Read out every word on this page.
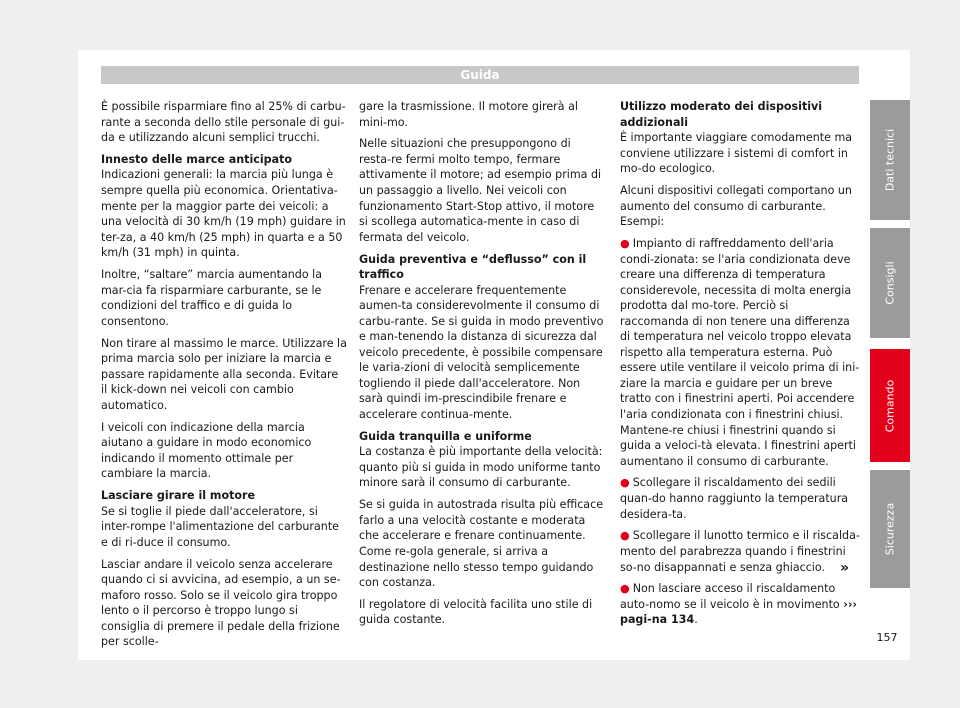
Guida

È possibile risparmiare fino al 25% di carbu-rante a seconda dello stile personale di gui-da e utilizzando alcuni semplici trucchi.

Innesto delle marce anticipato

Indicazioni generali: la marcia più lunga è sempre quella più economica. Orientativa-mente per la maggior parte dei veicoli: a una velocità di 30 km/h (19 mph) guidare in ter-za, a 40 km/h (25 mph) in quarta e a 50 km/h (31 mph) in quinta.

Inoltre, “saltare” marcia aumentando la mar-cia fa risparmiare carburante, se le condizioni del traffico e di guida lo consentono.

Non tirare al massimo le marce. Utilizzare la prima marcia solo per iniziare la marcia e passare rapidamente alla seconda. Evitare il kick-down nei veicoli con cambio automatico.

I veicoli con indicazione della marcia aiutano a guidare in modo economico indicando il momento ottimale per cambiare la marcia.

Lasciare girare il motore

Se si toglie il piede dall'acceleratore, si inter-rompe l'alimentazione del carburante e di ri-duce il consumo.

Lasciar andare il veicolo senza accelerare quando ci si avvicina, ad esempio, a un se-maforo rosso. Solo se il veicolo gira troppo lento o il percorso è troppo lungo si consiglia di premere il pedale della frizione per scolle-

gare la trasmissione. Il motore girerà al mini-mo.

Nelle situazioni che presuppongono di resta-re fermi molto tempo, fermare attivamente il motore; ad esempio prima di un passaggio a livello. Nei veicoli con funzionamento Start-Stop attivo, il motore si scollega automatica-mente in caso di fermata del veicolo.

Guida preventiva e “deflusso” con il traffico

Frenare e accelerare frequentemente aumen-ta considerevolmente il consumo di carbu-rante. Se si guida in modo preventivo e man-tenendo la distanza di sicurezza dal veicolo precedente, è possibile compensare le varia-zioni di velocità semplicemente togliendo il piede dall'acceleratore. Non sarà quindi im-prescindibile frenare e accelerare continua-mente.

Guida tranquilla e uniforme

La costanza è più importante della velocità: quanto più si guida in modo uniforme tanto minore sarà il consumo di carburante.

Se si guida in autostrada risulta più efficace farlo a una velocità costante e moderata che accelerare e frenare continuamente. Come re-gola generale, si arriva a destinazione nello stesso tempo guidando con costanza.

Il regolatore di velocità facilita uno stile di guida costante.

Utilizzo moderato dei dispositivi addizionali

È importante viaggiare comodamente ma conviene utilizzare i sistemi di comfort in mo-do ecologico.

Alcuni dispositivi collegati comportano un aumento del consumo di carburante. Esempi:

● Impianto di raffreddamento dell'aria condi-zionata: se l'aria condizionata deve creare una differenza di temperatura considerevole, necessita di molta energia prodotta dal mo-tore. Perciò si raccomanda di non tenere una differenza di temperatura nel veicolo troppo elevata rispetto alla temperatura esterna. Può essere utile ventilare il veicolo prima di ini-ziare la marcia e guidare per un breve tratto con i finestrini aperti. Poi accendere l'aria condizionata con i finestrini chiusi. Mantene-re chiusi i finestrini quando si guida a veloci-tà elevata. I finestrini aperti aumentano il consumo di carburante.

● Scollegare il riscaldamento dei sedili quan-do hanno raggiunto la temperatura desidera-ta.

● Scollegare il lunotto termico e il riscalda-mento del parabrezza quando i finestrini so-no disappannati e senza ghiaccio.

● Non lasciare acceso il riscaldamento auto-nomo se il veicolo è in movimento ››› pagi-na 134.

»
Dati tecnici
Consigli
Comando
Sicurezza
157
